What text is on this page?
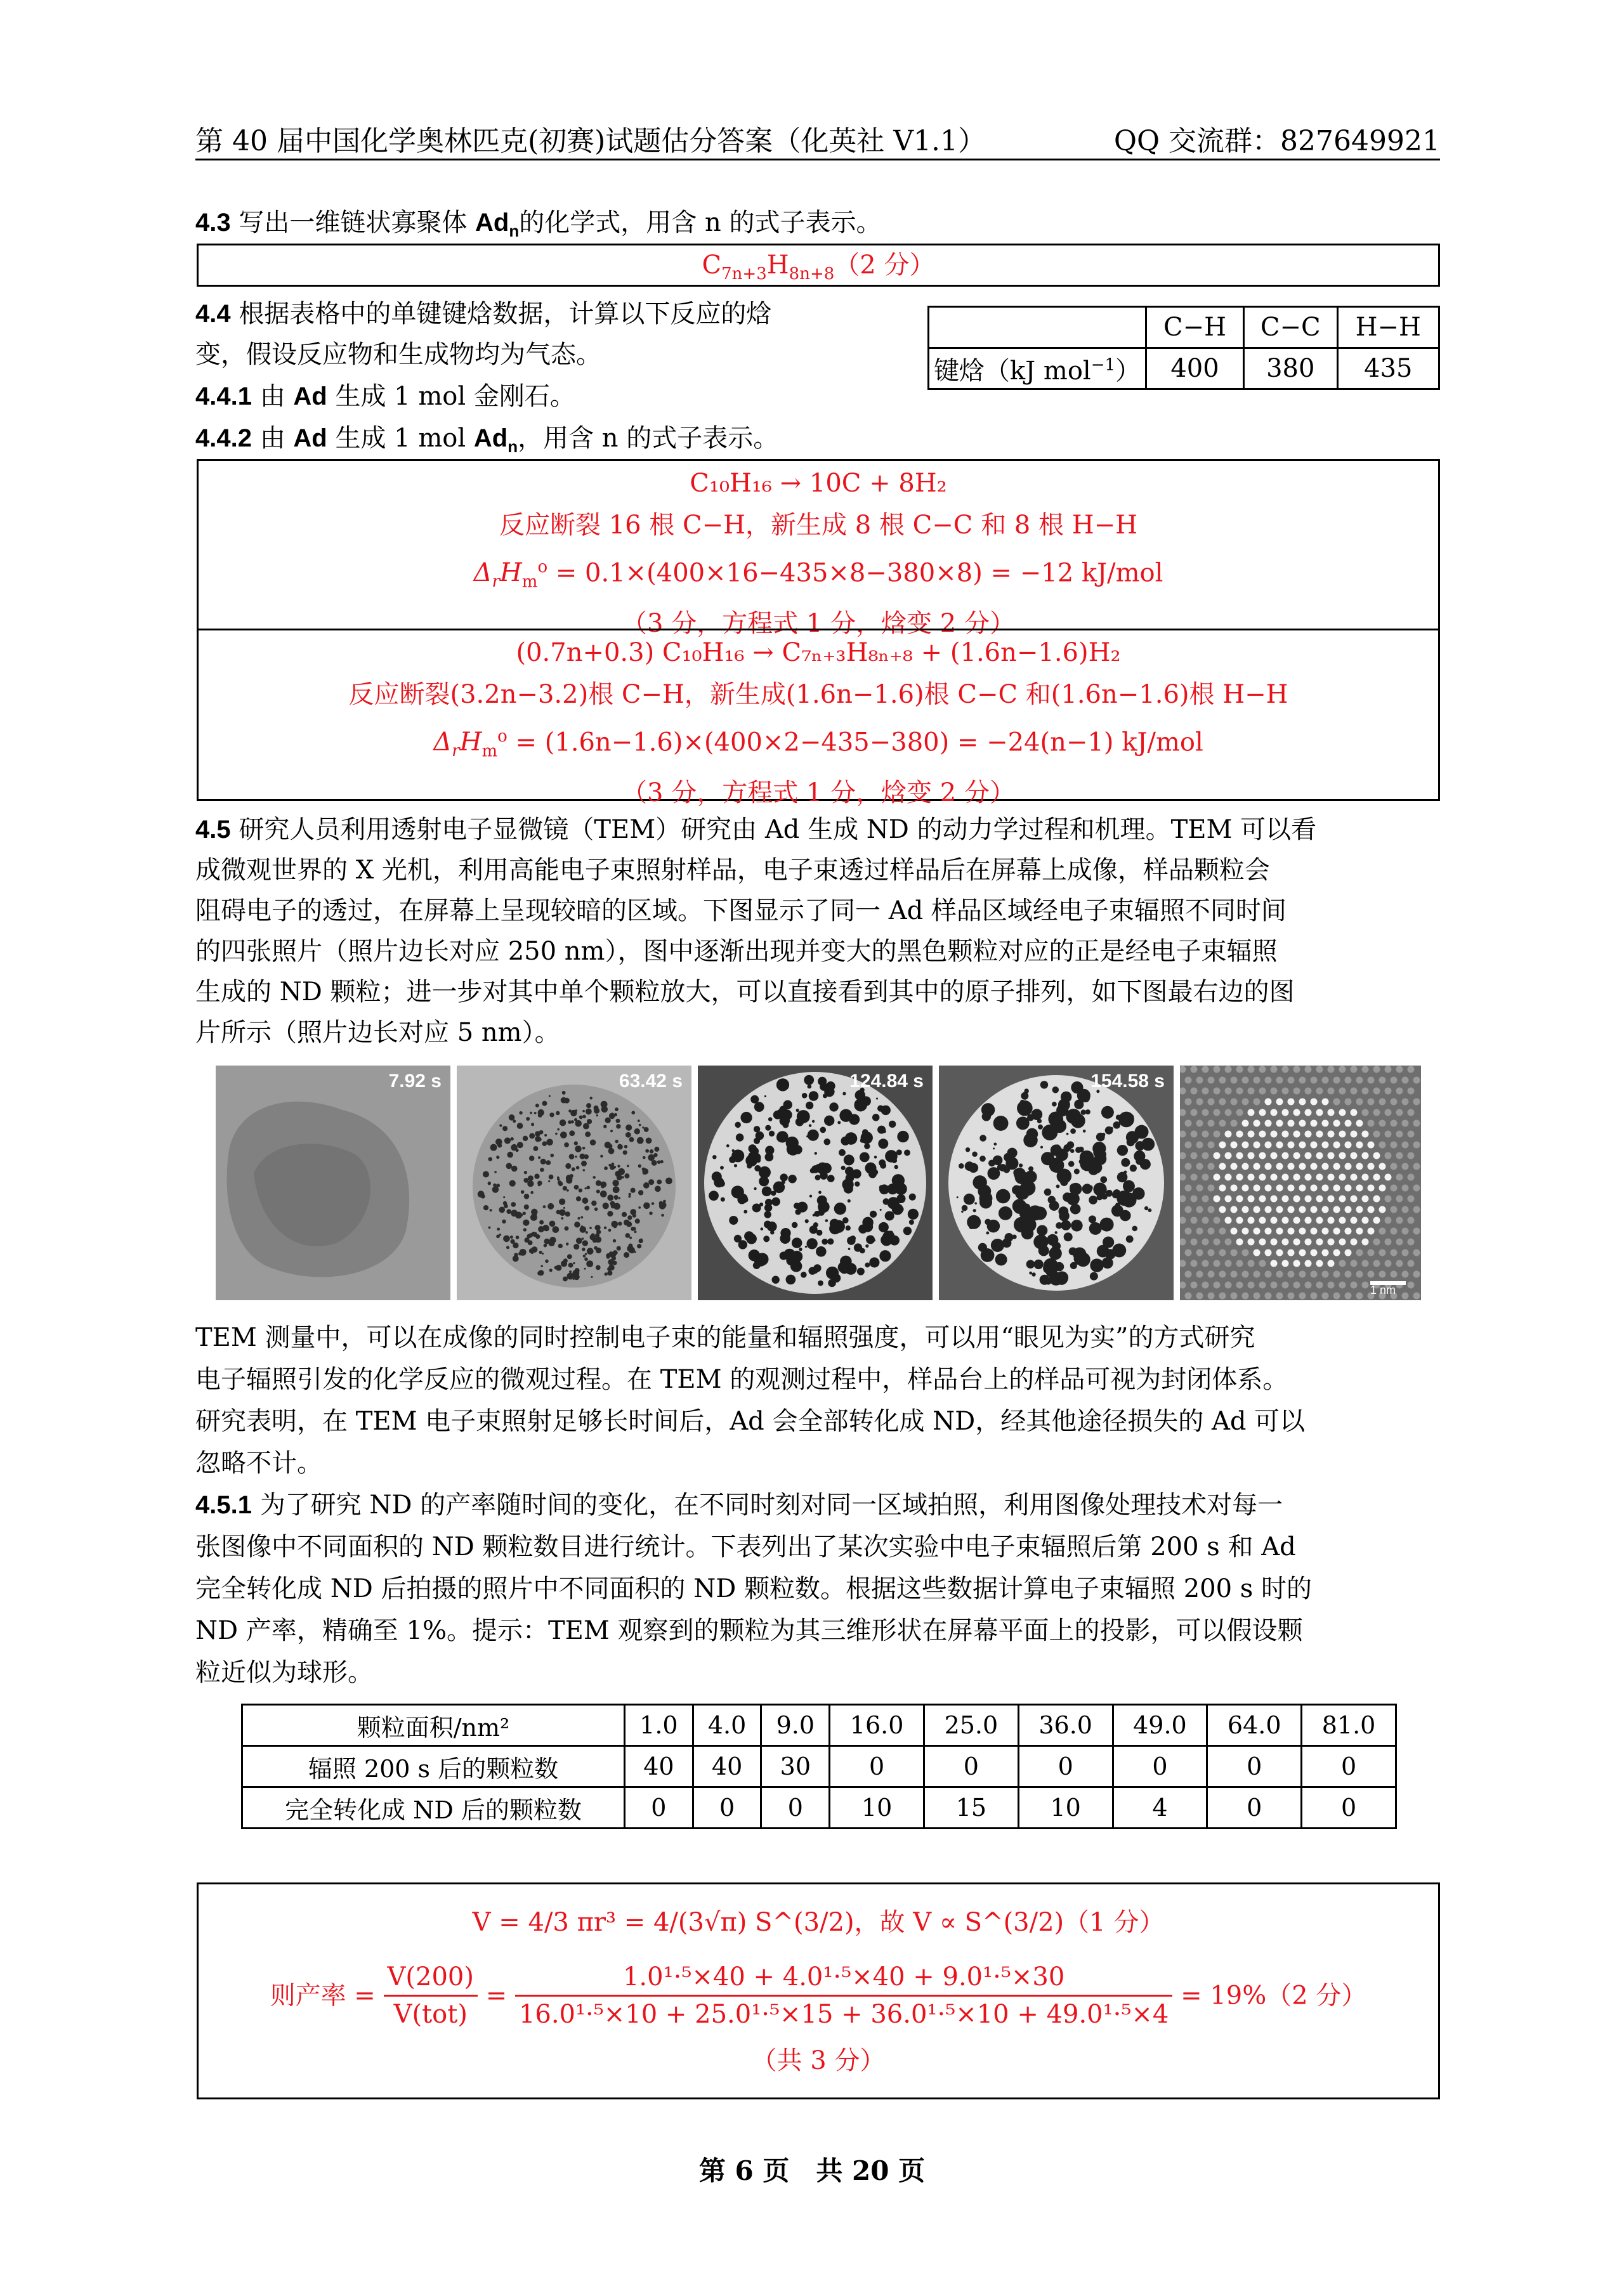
第 40 届中国化学奥林匹克(初赛)试题估分答案（化英社 V1.1）	QQ 交流群：827649921
4.3 写出一维链状寡聚体 $Ad_n$的化学式，用含 n 的式子表示。
$C_{7n+3}H_{8n+8}(2$ 分）
4.4 根据表格中的单键键焓数据，计算以下反应的焓
变，假设反应物和生成物均为气态。
4.4.1 由 Ad 生成 1 mol 金刚石。
4.4.2 由 Ad 生成 1 mol $Ad_n$，用含 n 的式子表示。
	C−H	C−C	H−H
键焓（kJ mol$^{-1}$）	400	380	435
C₁₀H₁₆ → 10C + 8H₂
反应断裂 16 根 C−H，新生成 8 根 C−C 和 8 根 H−H
$\Delta_rH_m^o = 0.1\times(400\times 16-435\times 8-380\times 8) = -12$ kJ/mol
（3 分，方程式 1 分，焓变 2 分）
(0.7n+0.3) C₁₀H₁₆ → C₇ₙ₊₃H₈ₙ₊₈ + (1.6n−1.6)H₂
反应断裂(3.2n−3.2)根 C−H，新生成(1.6n−1.6)根 C−C 和(1.6n−1.6)根 H−H
$\Delta_rH_m^o = (1.6n-1.6)\times(400\times 2-435-380) = -24(n-1)$ kJ/mol
（3 分，方程式 1 分，焓变 2 分）
4.5 研究人员利用透射电子显微镜（TEM）研究由 Ad 生成 ND 的动力学过程和机理。TEM 可以看
成微观世界的 X 光机，利用高能电子束照射样品，电子束透过样品后在屏幕上成像，样品颗粒会
阻碍电子的透过，在屏幕上呈现较暗的区域。下图显示了同一 Ad 样品区域经电子束辐照不同时间
的四张照片（照片边长对应 250 nm），图中逐渐出现并变大的黑色颗粒对应的正是经电子束辐照
生成的 ND 颗粒；进一步对其中单个颗粒放大，可以直接看到其中的原子排列，如下图最右边的图
片所示（照片边长对应 5 nm）。
7.92 s	63.42 s	124.84 s	154.58 s
1 nm
TEM 测量中，可以在成像的同时控制电子束的能量和辐照强度，可以用“眼见为实”的方式研究
电子辐照引发的化学反应的微观过程。在 TEM 的观测过程中，样品台上的样品可视为封闭体系。
研究表明，在 TEM 电子束照射足够长时间后，Ad 会全部转化成 ND，经其他途径损失的 Ad 可以
忽略不计。
4.5.1 为了研究 ND 的产率随时间的变化，在不同时刻对同一区域拍照，利用图像处理技术对每一
张图像中不同面积的 ND 颗粒数目进行统计。下表列出了某次实验中电子束辐照后第 200 s 和 Ad
完全转化成 ND 后拍摄的照片中不同面积的 ND 颗粒数。根据这些数据计算电子束辐照 200 s 时的
ND 产率，精确至 1%。提示：TEM 观察到的颗粒为其三维形状在屏幕平面上的投影，可以假设颗
粒近似为球形。
颗粒面积/nm²	1.0	4.0	9.0	16.0	25.0	36.0	49.0	64.0	81.0
辐照 200 s 后的颗粒数	40	40	30	0	0	0	0	0	0
完全转化成 ND 后的颗粒数	0	0	0	10	15	10	4	0	0
V = 4/3 πr³ = 4/(3√π) S^(3/2)，故 V ∝ S^(3/2)（1 分）
则产率 = $\frac{V(200)}{\text{V(tot)}} = \frac{\text{1.0¹·⁵×40 + 4.0¹·⁵×40 + 9.0¹·⁵×30}}{\text{16.0¹·⁵×10 + 25.0¹·⁵×15 + 36.0¹·⁵×10 + 49.0¹·⁵×4}} = 19\%(2$ 分）
（共 3 分）
第 6 页　共 20 页
